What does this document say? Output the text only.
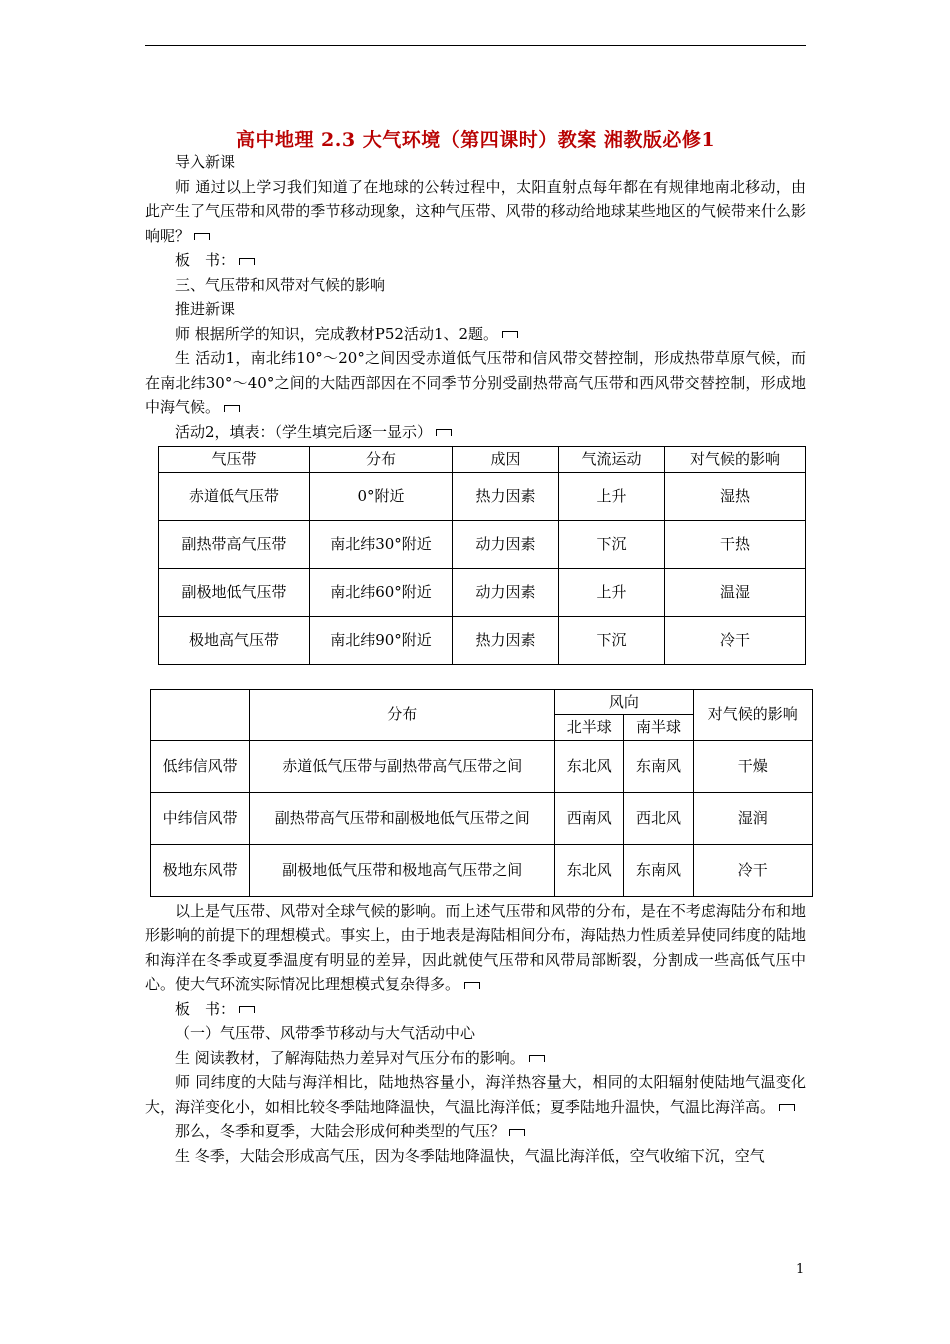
高中地理 2.3 大气环境（第四课时）教案 湘教版必修1

导入新课

师 通过以上学习我们知道了在地球的公转过程中，太阳直射点每年都在有规律地南北移动，由此产生了气压带和风带的季节移动现象，这种气压带、风带的移动给地球某些地区的气候带来什么影响呢？

板　书：

三、气压带和风带对气候的影响

推进新课

师 根据所学的知识，完成教材P52活动1、2题。

生 活动1，南北纬10°～20°之间因受赤道低气压带和信风带交替控制，形成热带草原气候，而在南北纬30°～40°之间的大陆西部因在不同季节分别受副热带高气压带和西风带交替控制，形成地中海气候。

活动2，填表：（学生填完后逐一显示）

气压带	分布	成因	气流运动	对气候的影响
赤道低气压带	0°附近	热力因素	上升	湿热
副热带高气压带	南北纬30°附近	动力因素	下沉	干热
副极地低气压带	南北纬60°附近	动力因素	上升	温湿
极地高气压带	南北纬90°附近	热力因素	下沉	冷干
	分布	风向		对气候的影响
		北半球	南半球	
低纬信风带	赤道低气压带与副热带高气压带之间	东北风	东南风	干燥
中纬信风带	副热带高气压带和副极地低气压带之间	西南风	西北风	湿润
极地东风带	副极地低气压带和极地高气压带之间	东北风	东南风	冷干

以上是气压带、风带对全球气候的影响。而上述气压带和风带的分布，是在不考虑海陆分布和地形影响的前提下的理想模式。事实上，由于地表是海陆相间分布，海陆热力性质差异使同纬度的陆地和海洋在冬季或夏季温度有明显的差异，因此就使气压带和风带局部断裂，分割成一些高低气压中心。使大气环流实际情况比理想模式复杂得多。

板　书：

（一）气压带、风带季节移动与大气活动中心

生 阅读教材，了解海陆热力差异对气压分布的影响。

师 同纬度的大陆与海洋相比，陆地热容量小，海洋热容量大，相同的太阳辐射使陆地气温变化大，海洋变化小，如相比较冬季陆地降温快，气温比海洋低；夏季陆地升温快，气温比海洋高。

那么，冬季和夏季，大陆会形成何种类型的气压？

生 冬季，大陆会形成高气压，因为冬季陆地降温快，气温比海洋低，空气收缩下沉，空气

1
